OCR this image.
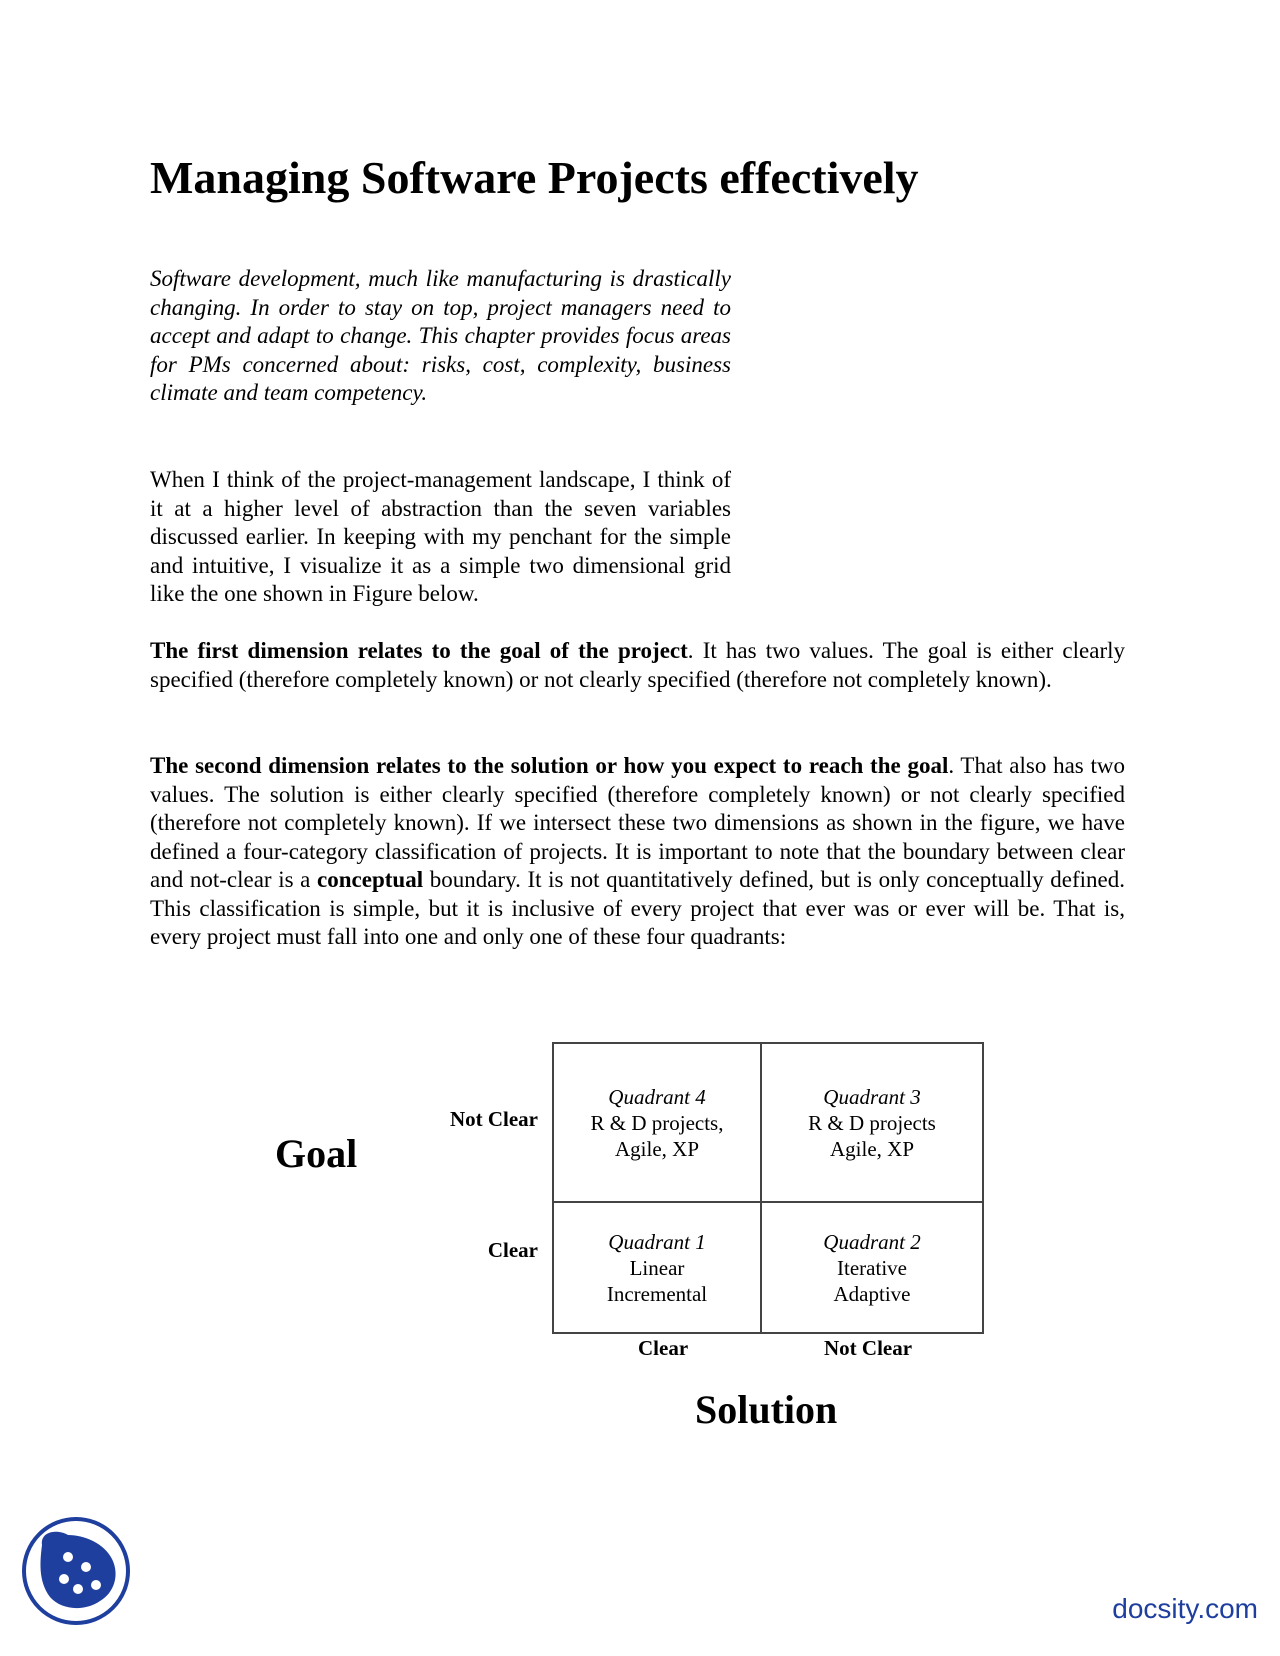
Managing Software Projects effectively

Software development, much like manufacturing is drastically changing. In order to stay on top, project managers need to accept and adapt to change. This chapter provides focus areas for PMs concerned about: risks, cost, complexity, business climate and team competency.

When I think of the project-management landscape, I think of it at a higher level of abstraction than the seven variables discussed earlier. In keeping with my penchant for the simple and intuitive, I visualize it as a simple two dimensional grid like the one shown in Figure below.

The first dimension relates to the goal of the project. It has two values. The goal is either clearly specified (therefore completely known) or not clearly specified (therefore not completely known).

The second dimension relates to the solution or how you expect to reach the goal. That also has two values. The solution is either clearly specified (therefore completely known) or not clearly specified (therefore not completely known). If we intersect these two dimensions as shown in the figure, we have defined a four-category classification of projects. It is important to note that the boundary between clear and not-clear is a conceptual boundary. It is not quantitatively defined, but is only conceptually defined. This classification is simple, but it is inclusive of every project that ever was or ever will be. That is, every project must fall into one and only one of these four quadrants:

Goal
Not Clear
Clear
Quadrant 4
R & D projects,
Agile, XP
Quadrant 3
R & D projects
Agile, XP
Quadrant 1
Linear
Incremental
Quadrant 2
Iterative
Adaptive
Clear	Not Clear
Solution
docsity.com
